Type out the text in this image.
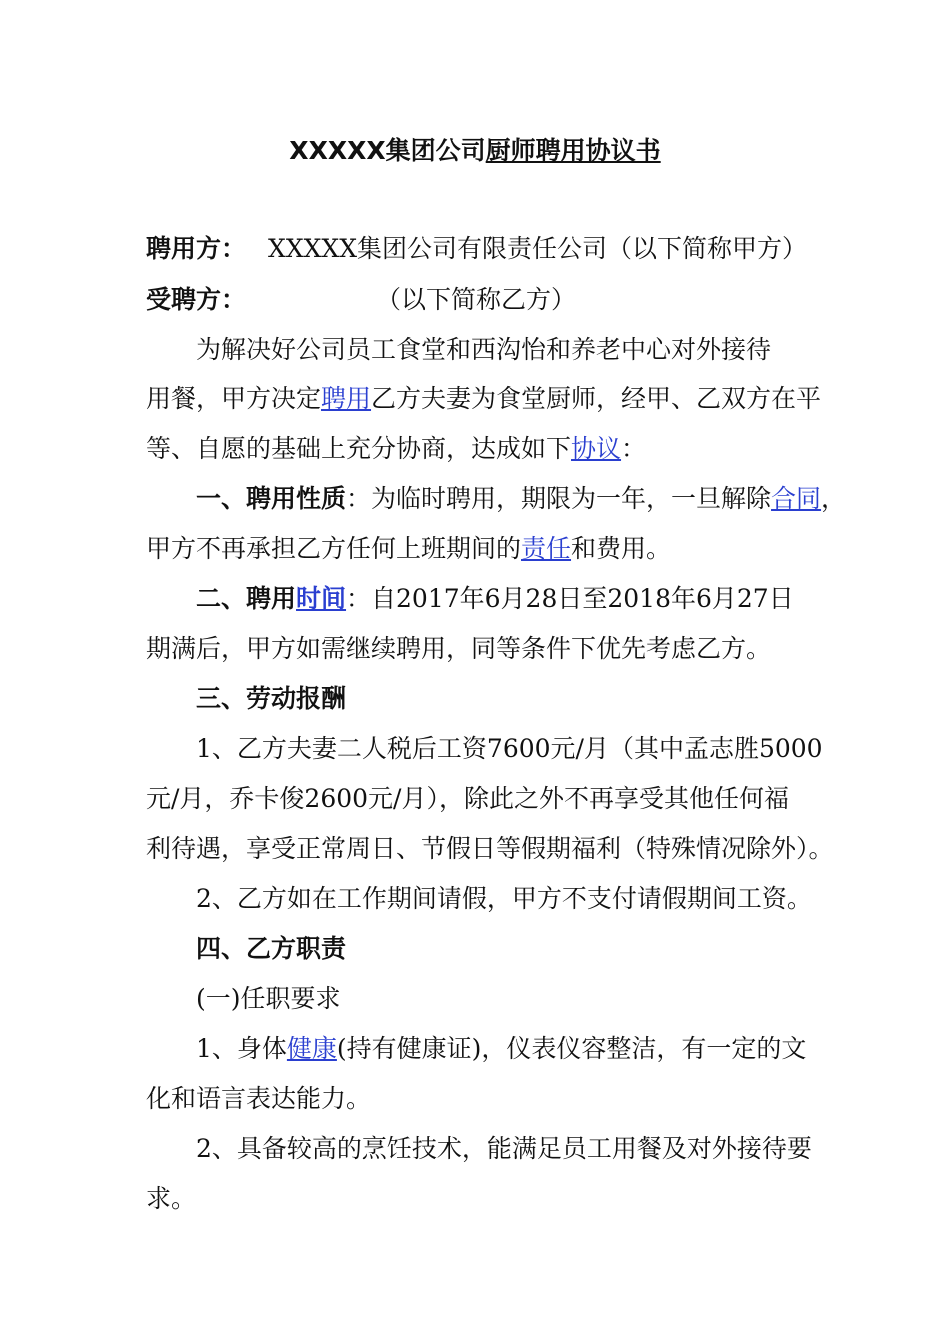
XXXXX集团公司厨师聘用协议书
聘用方： XXXXX集团公司有限责任公司（以下简称甲方）
受聘方：	（以下简称乙方）
为解决好公司员工食堂和西沟怡和养老中心对外接待
用餐，甲方决定聘用乙方夫妻为食堂厨师，经甲、乙双方在平
等、自愿的基础上充分协商，达成如下协议：
一、聘用性质：为临时聘用，期限为一年，一旦解除合同，
甲方不再承担乙方任何上班期间的责任和费用。
二、聘用时间：自2017年6月28日至2018年6月27日
期满后，甲方如需继续聘用，同等条件下优先考虑乙方。
三、劳动报酬
1、乙方夫妻二人税后工资7600元/月（其中孟志胜5000
元/月，乔卡俊2600元/月），除此之外不再享受其他任何福
利待遇，享受正常周日、节假日等假期福利（特殊情况除外）。
2、乙方如在工作期间请假，甲方不支付请假期间工资。
四、乙方职责
(一)任职要求
1、身体健康(持有健康证)，仪表仪容整洁，有一定的文
化和语言表达能力。
2、具备较高的烹饪技术，能满足员工用餐及对外接待要
求。
